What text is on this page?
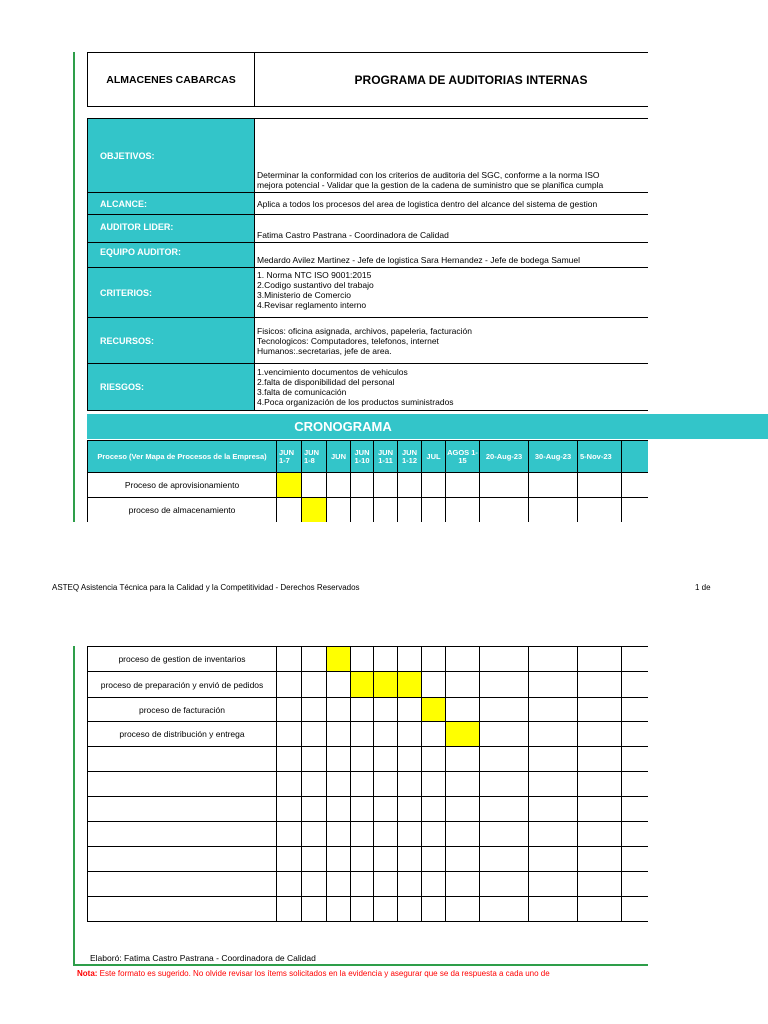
ALMACENES CABARCAS	PROGRAMA DE AUDITORIAS INTERNAS
OBJETIVOS:	Determinar la conformidad con los criterios de auditoria del SGC, conforme a la norma ISO
mejora potencial - Validar que la gestion de la cadena de suministro que se planifica cumpla

ALCANCE:	Aplica a todos los procesos del area de logistica dentro del alcance del sistema de gestion
AUDITOR LIDER:	Fatima Castro Pastrana - Coordinadora de Calidad
EQUIPO AUDITOR:	Medardo Avilez Martinez - Jefe de logistica Sara Hernandez - Jefe de bodega Samuel
CRITERIOS:	1. Norma NTC ISO 9001:2015
2.Codigo sustantivo del trabajo
3.Ministerio de Comercio
4.Revisar reglamento interno

RECURSOS:	Fisicos: oficina asignada, archivos, papeleria, facturación
Tecnologicos: Computadores, telefonos, internet
Humanos:.secretarias, jefe de area.

RIESGOS:	1.vencimiento documentos de vehiculos
2.falta de disponibilidad del personal
3.falta de comunicación
4.Poca organización de los productos suministrados
Proceso (Ver Mapa de Procesos de la Empresa)	JUN 1-7	JUN 1-8	JUN	JUN 1-10	JUN 1-11	JUN 1-12	JUL	AGOS 1-15	20-Aug-23	30-Aug-23	5-Nov-23	
Proceso de aprovisionamiento												
proceso de almacenamiento												
CRONOGRAMA
ASTEQ Asistencia Técnica para la Calidad y la Competitividad - Derechos Reservados	1 de
proceso de gestion de inventarios												
proceso de preparación y envió de pedidos												
proceso de facturación												
proceso de distribución y entrega												

Elaboró: Fatima Castro Pastrana - Coordinadora de Calidad
Nota: Este formato es sugerido. No olvide revisar los ítems solicitados en la evidencia y asegurar que se da respuesta a cada uno de
